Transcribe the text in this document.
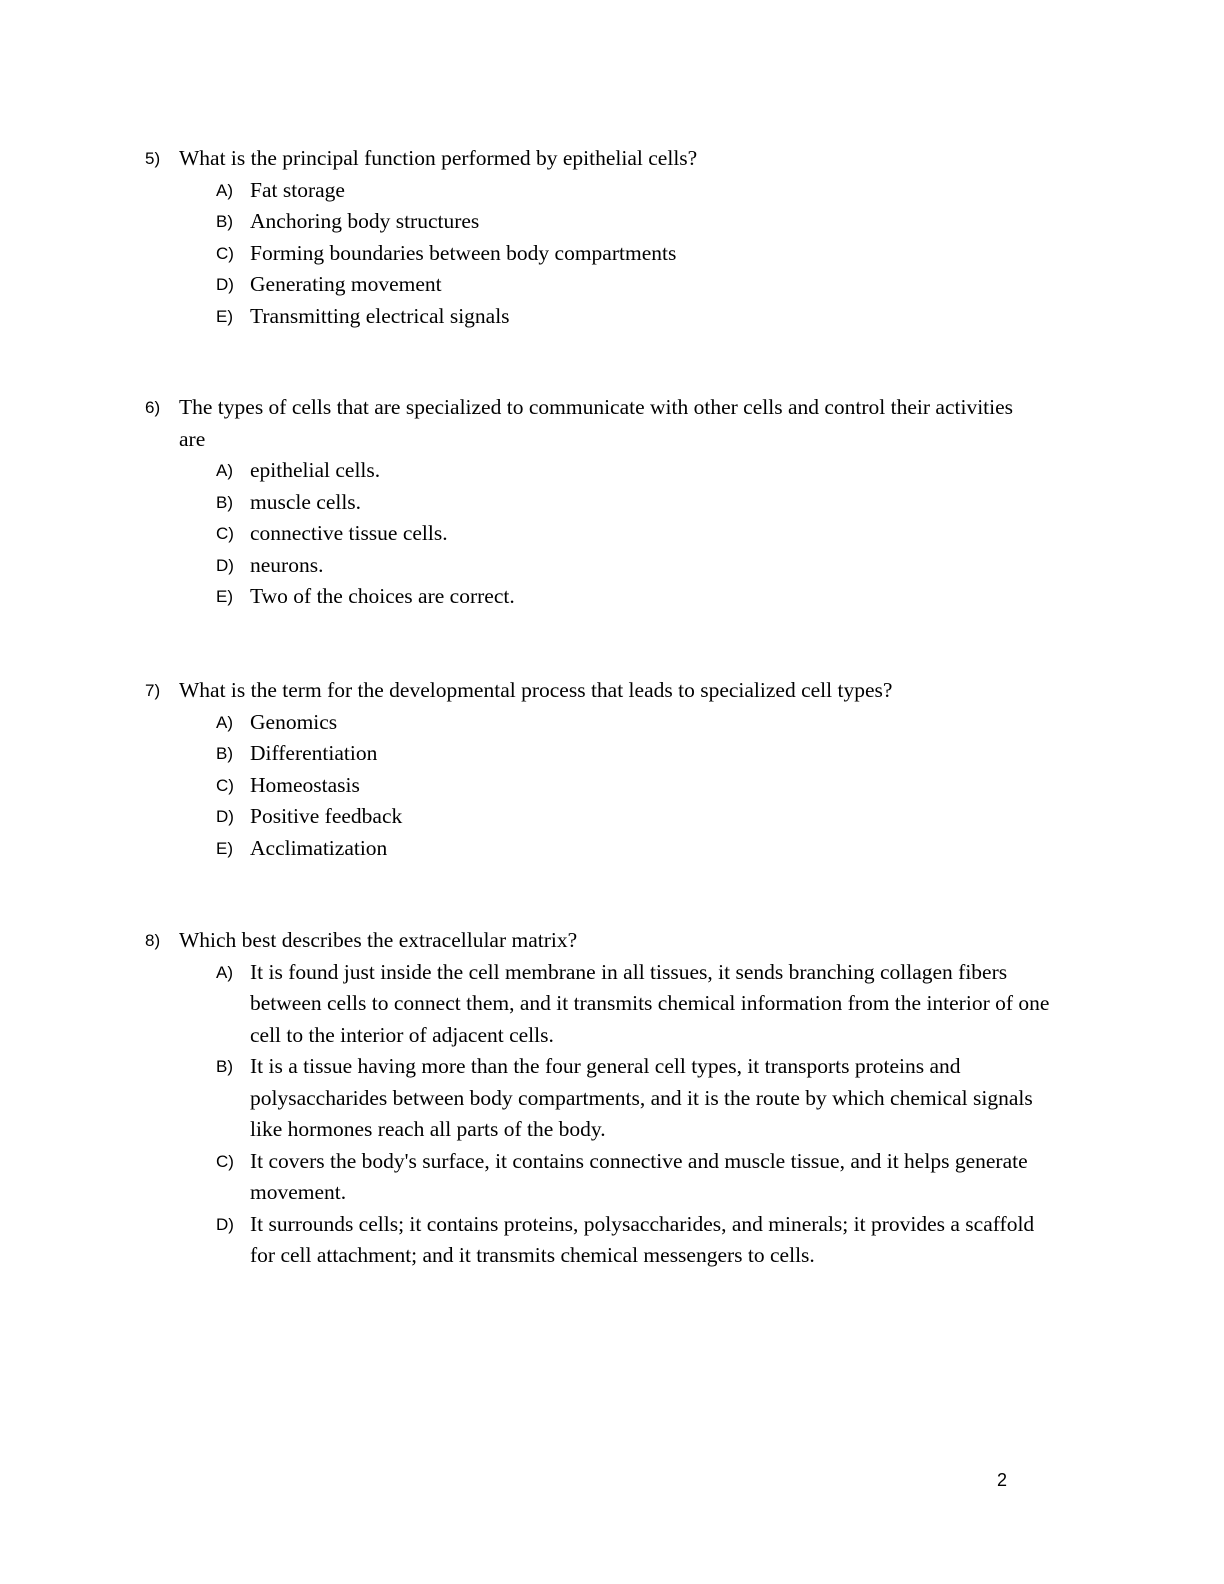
5) What is the principal function performed by epithelial cells?
A) Fat storage
B) Anchoring body structures
C) Forming boundaries between body compartments
D) Generating movement
E) Transmitting electrical signals
6) The types of cells that are specialized to communicate with other cells and control their activities are
A) epithelial cells.
B) muscle cells.
C) connective tissue cells.
D) neurons.
E) Two of the choices are correct.
7) What is the term for the developmental process that leads to specialized cell types?
A) Genomics
B) Differentiation
C) Homeostasis
D) Positive feedback
E) Acclimatization
8) Which best describes the extracellular matrix?
A) It is found just inside the cell membrane in all tissues, it sends branching collagen fibers between cells to connect them, and it transmits chemical information from the interior of one cell to the interior of adjacent cells.
B) It is a tissue having more than the four general cell types, it transports proteins and polysaccharides between body compartments, and it is the route by which chemical signals like hormones reach all parts of the body.
C) It covers the body's surface, it contains connective and muscle tissue, and it helps generate movement.
D) It surrounds cells; it contains proteins, polysaccharides, and minerals; it provides a scaffold for cell attachment; and it transmits chemical messengers to cells.
2
